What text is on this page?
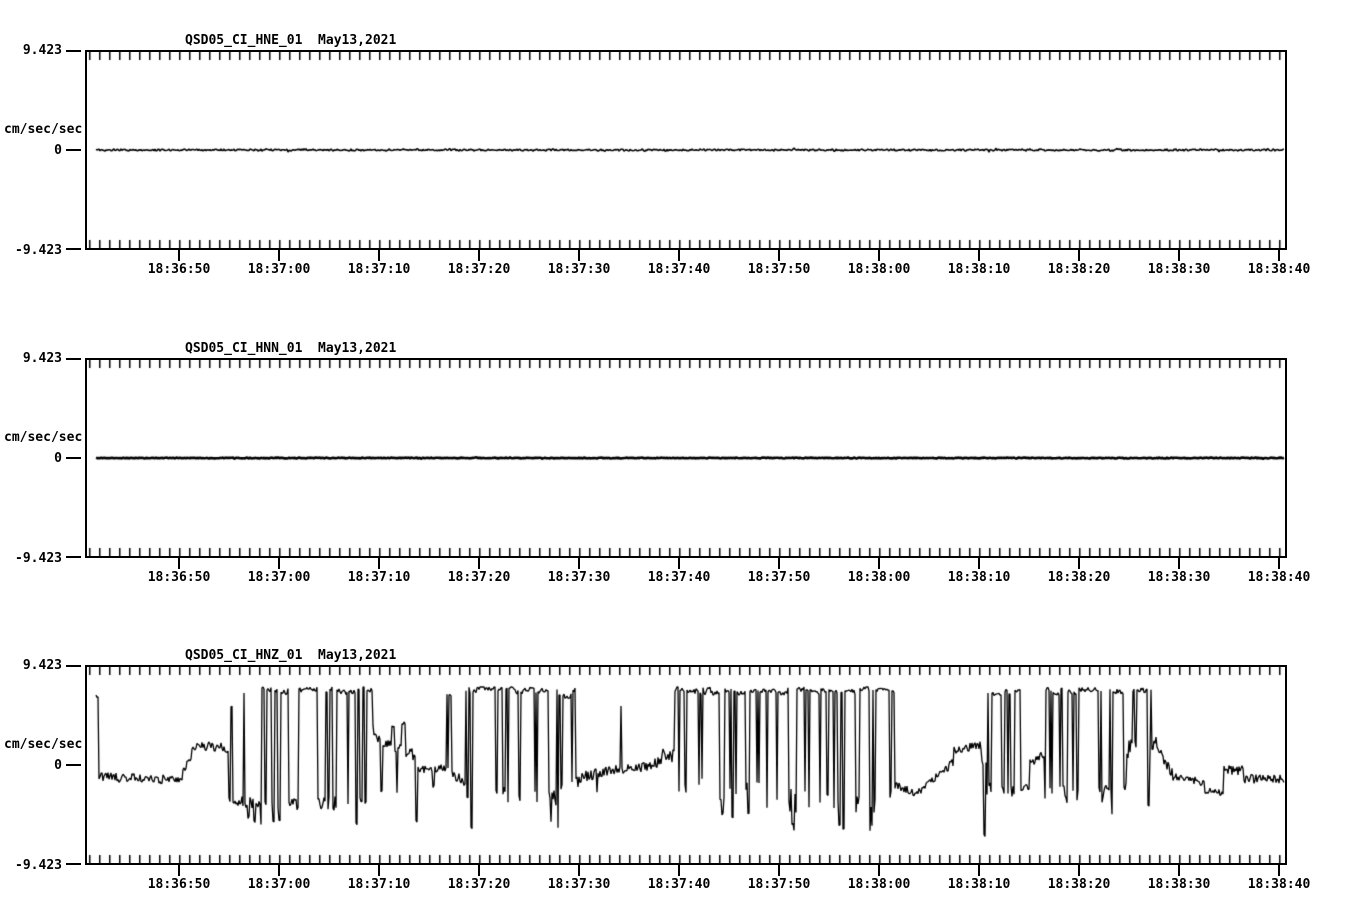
QSD05_CI_HNE_01  May13,2021
9.423
cm/sec/sec
0
-9.423
18:36:50	18:37:00	18:37:10	18:37:20	18:37:30	18:37:40	18:37:50	18:38:00	18:38:10	18:38:20	18:38:30	18:38:40
QSD05_CI_HNN_01  May13,2021
9.423
cm/sec/sec
0
-9.423
18:36:50	18:37:00	18:37:10	18:37:20	18:37:30	18:37:40	18:37:50	18:38:00	18:38:10	18:38:20	18:38:30	18:38:40
QSD05_CI_HNZ_01  May13,2021
9.423
cm/sec/sec
0
-9.423
18:36:50	18:37:00	18:37:10	18:37:20	18:37:30	18:37:40	18:37:50	18:38:00	18:38:10	18:38:20	18:38:30	18:38:40
